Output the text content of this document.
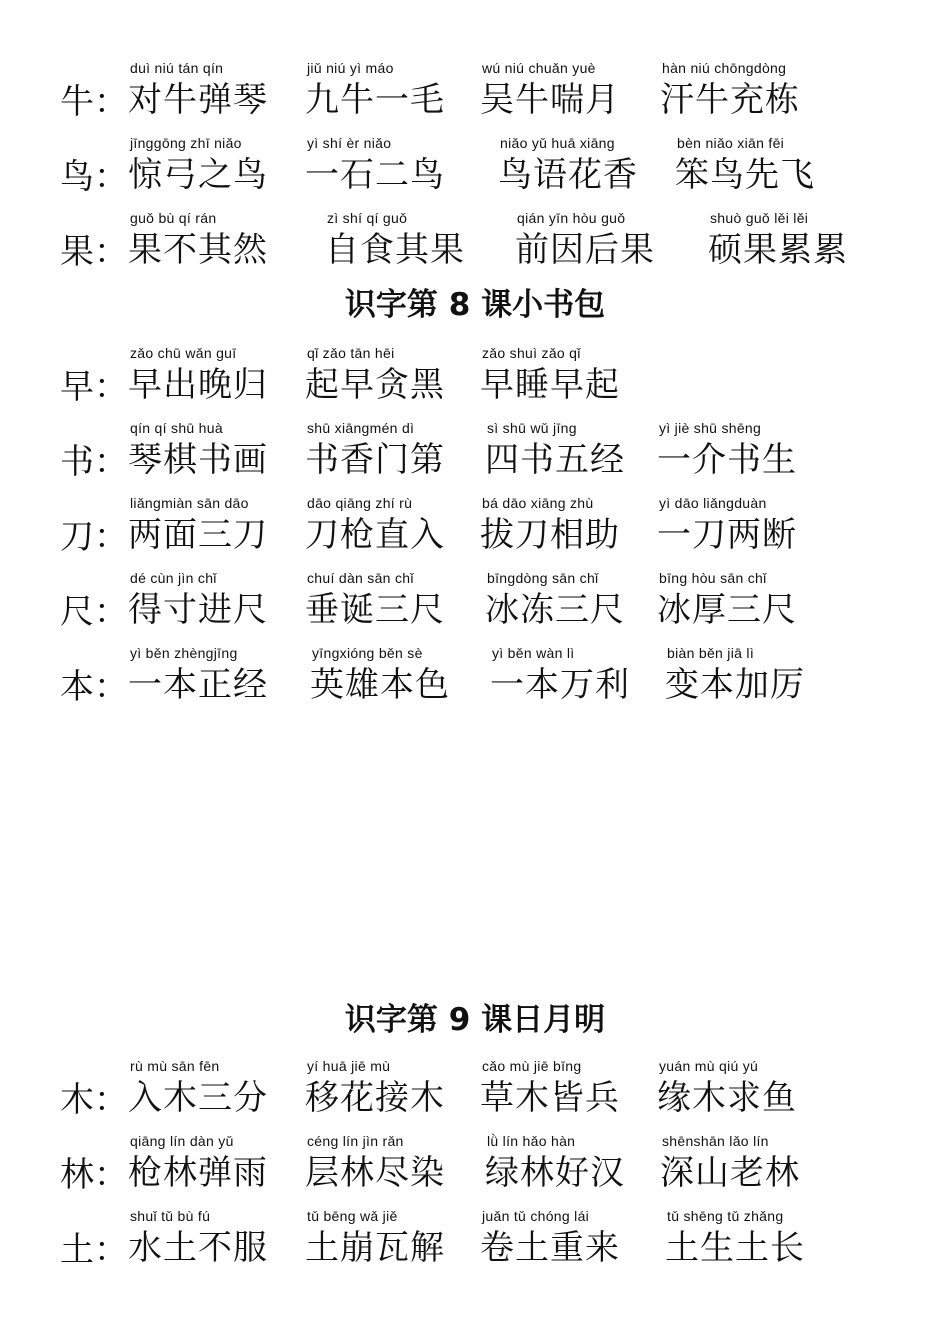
牛：
duì niú tán qín
对牛弹琴
jiǔ niú yì máo
九牛一毛
wú niú chuǎn yuè
吴牛喘月
hàn niú chōngdòng
汗牛充栋
鸟：
jīnggōng zhī niǎo
惊弓之鸟
yì shí èr niǎo
一石二鸟
niǎo yǔ huā xiāng
鸟语花香
bèn niǎo xiān fēi
笨鸟先飞
果：
guǒ bù qí rán
果不其然
zì shí qí guǒ
自食其果
qián yīn hòu guǒ
前因后果
shuò guǒ lěi lěi
硕果累累
识字第 8 课小书包
早：
zǎo chū wǎn guī
早出晚归
qǐ zǎo tān hēi
起早贪黑
zǎo shuì zǎo qǐ
早睡早起
书：
qín qí shū huà
琴棋书画
shū xiāngmén dì
书香门第
sì shū wǔ jīng
四书五经
yì jiè shū shēng
一介书生
刀：
liǎngmiàn sān dāo
两面三刀
dāo qiāng zhí rù
刀枪直入
bá dāo xiāng zhù
拔刀相助
yì dāo liǎngduàn
一刀两断
尺：
dé cùn jìn chǐ
得寸进尺
chuí dàn sān chǐ
垂诞三尺
bīngdòng sān chǐ
冰冻三尺
bīng hòu sān chǐ
冰厚三尺
本：
yì běn zhèngjīng
一本正经
yīngxióng běn sè
英雄本色
yì běn wàn lì
一本万利
biàn běn jiā lì
变本加厉
识字第 9 课日月明
木：
rù mù sān fēn
入木三分
yí huā jiē mù
移花接木
cǎo mù jiē bīng
草木皆兵
yuán mù qiú yú
缘木求鱼
林：
qiāng lín dàn yǔ
枪林弹雨
céng lín jìn rǎn
层林尽染
lǜ lín hǎo hàn
绿林好汉
shēnshān lǎo lín
深山老林
土：
shuǐ tǔ bù fú
水土不服
tǔ bēng wǎ jiě
土崩瓦解
juǎn tǔ chóng lái
卷土重来
tǔ shēng tǔ zhǎng
土生土长
